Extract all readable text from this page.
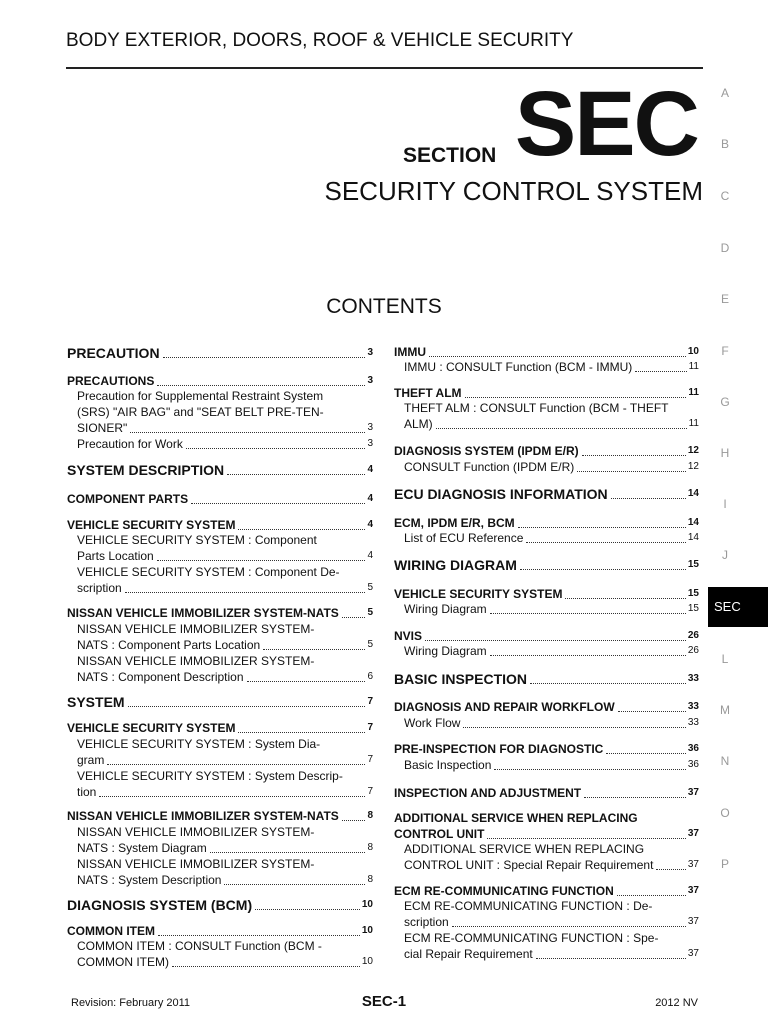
BODY EXTERIOR, DOORS, ROOF & VEHICLE SECURITY
SECTION SEC
SECURITY CONTROL SYSTEM
CONTENTS
A
B
C
D
E
F
G
H
I
J
SEC
L
M
N
O
P
PRECAUTION	3
PRECAUTIONS	3
Precaution for Supplemental Restraint System
(SRS) "AIR BAG" and "SEAT BELT PRE-TEN-
SIONER"	3
Precaution for Work	3
SYSTEM DESCRIPTION	4
COMPONENT PARTS	4
VEHICLE SECURITY SYSTEM	4
VEHICLE SECURITY SYSTEM : Component
Parts Location	4
VEHICLE SECURITY SYSTEM : Component De-
scription	5
NISSAN VEHICLE IMMOBILIZER SYSTEM-NATS	5
NISSAN VEHICLE IMMOBILIZER SYSTEM-
NATS : Component Parts Location	5
NISSAN VEHICLE IMMOBILIZER SYSTEM-
NATS : Component Description	6
SYSTEM	7
VEHICLE SECURITY SYSTEM	7
VEHICLE SECURITY SYSTEM : System Dia-
gram	7
VEHICLE SECURITY SYSTEM : System Descrip-
tion	7
NISSAN VEHICLE IMMOBILIZER SYSTEM-NATS	8
NISSAN VEHICLE IMMOBILIZER SYSTEM-
NATS : System Diagram	8
NISSAN VEHICLE IMMOBILIZER SYSTEM-
NATS : System Description	8
DIAGNOSIS SYSTEM (BCM)	10
COMMON ITEM	10
COMMON ITEM : CONSULT Function (BCM -
COMMON ITEM)	10
IMMU	10
IMMU : CONSULT Function (BCM - IMMU)	11
THEFT ALM	11
THEFT ALM : CONSULT Function (BCM - THEFT
ALM)	11
DIAGNOSIS SYSTEM (IPDM E/R)	12
CONSULT Function (IPDM E/R)	12
ECU DIAGNOSIS INFORMATION	14
ECM, IPDM E/R, BCM	14
List of ECU Reference	14
WIRING DIAGRAM	15
VEHICLE SECURITY SYSTEM	15
Wiring Diagram	15
NVIS	26
Wiring Diagram	26
BASIC INSPECTION	33
DIAGNOSIS AND REPAIR WORKFLOW	33
Work Flow	33
PRE-INSPECTION FOR DIAGNOSTIC	36
Basic Inspection	36
INSPECTION AND ADJUSTMENT	37
ADDITIONAL SERVICE WHEN REPLACING
CONTROL UNIT	37
ADDITIONAL SERVICE WHEN REPLACING
CONTROL UNIT : Special Repair Requirement	37
ECM RE-COMMUNICATING FUNCTION	37
ECM RE-COMMUNICATING FUNCTION : De-
scription	37
ECM RE-COMMUNICATING FUNCTION : Spe-
cial Repair Requirement	37
Revision: February 2011	SEC-1	2012 NV
